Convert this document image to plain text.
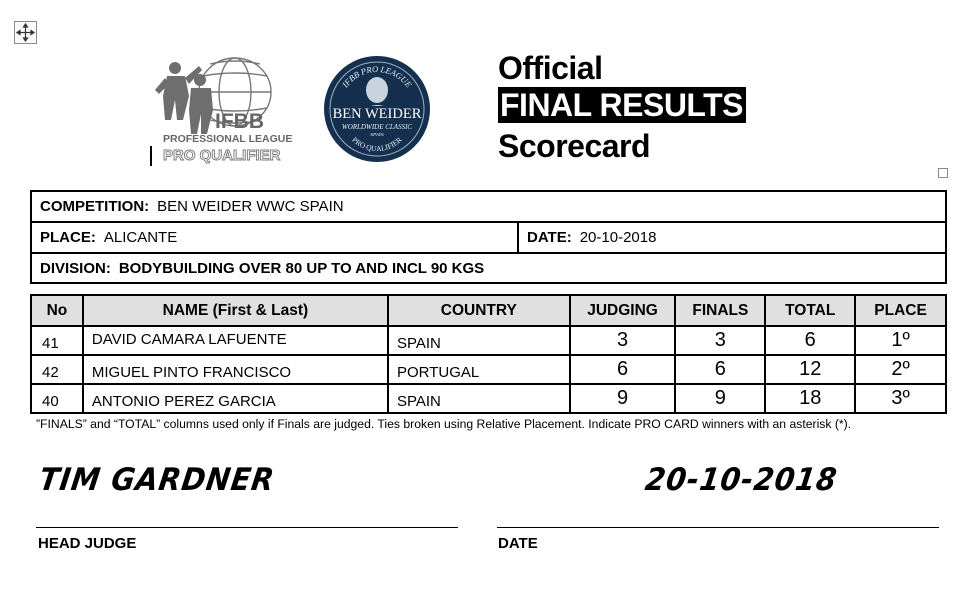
IFBB
PROFESSIONAL LEAGUE
PRO QUALIFIER
IFBB PRO LEAGUE
BEN WEIDER
WORLDWIDE CLASSIC
SPAIN
PRO QUALIFIER
Official
FINAL RESULTS
Scorecard
COMPETITION: BEN WEIDER WWC SPAIN
PLACE: ALICANTE	DATE: 20-10-2018
DIVISION: BODYBUILDING OVER 80 UP TO AND INCL 90 KGS
No	NAME (First & Last)	COUNTRY	JUDGING	FINALS	TOTAL	PLACE
41	DAVID CAMARA LAFUENTE	SPAIN	3	3	6	1º
42	MIGUEL PINTO FRANCISCO	PORTUGAL	6	6	12	2º
40	ANTONIO PEREZ GARCIA	SPAIN	9	9	18	3º
”FINALS” and “TOTAL” columns used only if Finals are judged. Ties broken using Relative Placement. Indicate PRO CARD winners with an asterisk (*).
TIM GARDNER	20-10-2018
HEAD JUDGE	DATE
